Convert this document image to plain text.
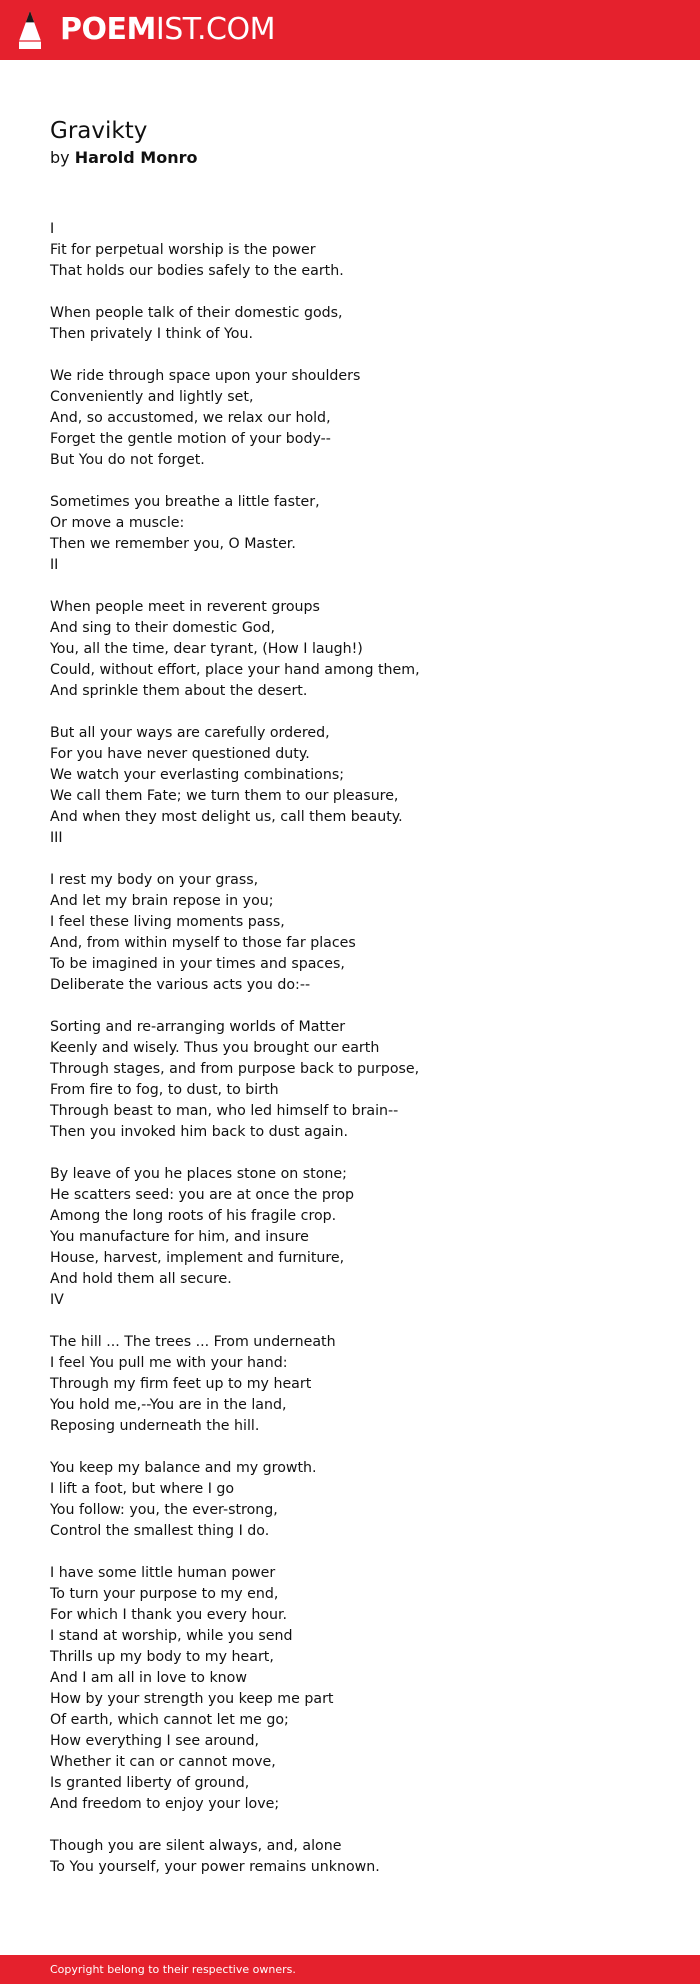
POEMIST.COM
Gravikty
by Harold Monro
I
Fit for perpetual worship is the power
That holds our bodies safely to the earth.
When people talk of their domestic gods,
Then privately I think of You.
We ride through space upon your shoulders
Conveniently and lightly set,
And, so accustomed, we relax our hold,
Forget the gentle motion of your body--
But You do not forget.
Sometimes you breathe a little faster,
Or move a muscle:
Then we remember you, O Master.
II
When people meet in reverent groups
And sing to their domestic God,
You, all the time, dear tyrant, (How I laugh!)
Could, without effort, place your hand among them,
And sprinkle them about the desert.
But all your ways are carefully ordered,
For you have never questioned duty.
We watch your everlasting combinations;
We call them Fate; we turn them to our pleasure,
And when they most delight us, call them beauty.
III
I rest my body on your grass,
And let my brain repose in you;
I feel these living moments pass,
And, from within myself to those far places
To be imagined in your times and spaces,
Deliberate the various acts you do:--
Sorting and re-arranging worlds of Matter
Keenly and wisely. Thus you brought our earth
Through stages, and from purpose back to purpose,
From fire to fog, to dust, to birth
Through beast to man, who led himself to brain--
Then you invoked him back to dust again.
By leave of you he places stone on stone;
He scatters seed: you are at once the prop
Among the long roots of his fragile crop.
You manufacture for him, and insure
House, harvest, implement and furniture,
And hold them all secure.
IV
The hill ... The trees ... From underneath
I feel You pull me with your hand:
Through my firm feet up to my heart
You hold me,--You are in the land,
Reposing underneath the hill.
You keep my balance and my growth.
I lift a foot, but where I go
You follow: you, the ever-strong,
Control the smallest thing I do.
I have some little human power
To turn your purpose to my end,
For which I thank you every hour.
I stand at worship, while you send
Thrills up my body to my heart,
And I am all in love to know
How by your strength you keep me part
Of earth, which cannot let me go;
How everything I see around,
Whether it can or cannot move,
Is granted liberty of ground,
And freedom to enjoy your love;
Though you are silent always, and, alone
To You yourself, your power remains unknown.
Copyright belong to their respective owners.
